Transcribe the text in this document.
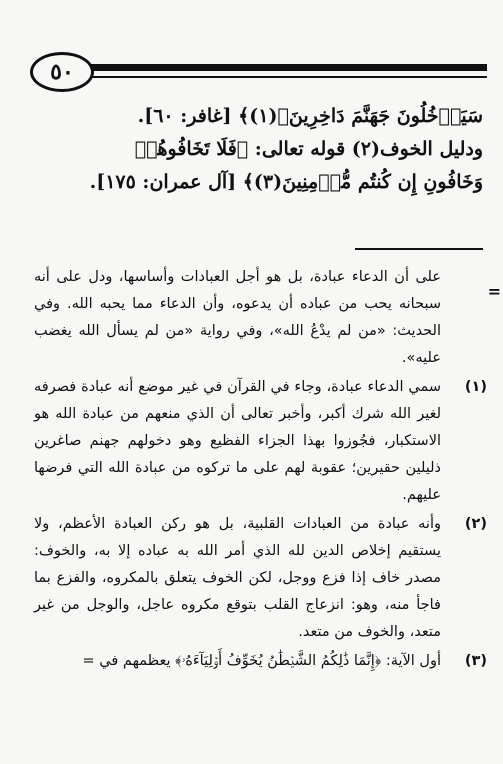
٥٠

سَيَدۡخُلُونَ جَهَنَّمَ دَاخِرِينَ﴿(١)﴾ [غافر: ٦٠].

ودليل الخوف(٢) قوله تعالى: ﴿فَلَا تَخَافُوهُمۡ

وَخَافُونِ إِن كُنتُم مُّؤۡمِنِينَ(٣)﴾ [آل عمران: ١٧٥].

=

على أن الدعاء عبادة، بل هو أجل العبادات وأساسها، ودل على أنه سبحانه يحب من عباده أن يدعوه، وأن الدعاء مما يحبه الله. وفي الحديث: «من لم يدْعُ الله»، وفي رواية «من لم يسأل الله يغضب عليه».

(١)
سمي الدعاء عبادة، وجاء في القرآن في غير موضع أنه عبادة فصرفه لغير الله شرك أكبر، وأخبر تعالى أن الذي منعهم من عبادة الله هو الاستكبار، فجُوزوا بهذا الجزاء الفظيع وهو دخولهم جهنم صاغرين ذليلين حقيرين؛ عقوبة لهم على ما تركوه من عبادة الله التي فرضها عليهم.
(٢)
وأنه عبادة من العبادات القلبية، بل هو ركن العبادة الأعظم، ولا يستقيم إخلاص الدين لله الذي أمر الله به عباده إلا به، والخوف: مصدر خاف إذا فزع ووجل، لكن الخوف يتعلق بالمكروه، والفزع بما فاجأ منه، وهو: انزعاج القلب بتوقع مكروه عاجل، والوجل من غير متعد، والخوف من متعد.
(٣)
أول الآية: ﴿إِنَّمَا ذَٰلِكُمُ الشَّيۡطَٰنُ يُخَوِّفُ أَوۡلِيَآءَهُۥ﴾ يعظمهم في =
